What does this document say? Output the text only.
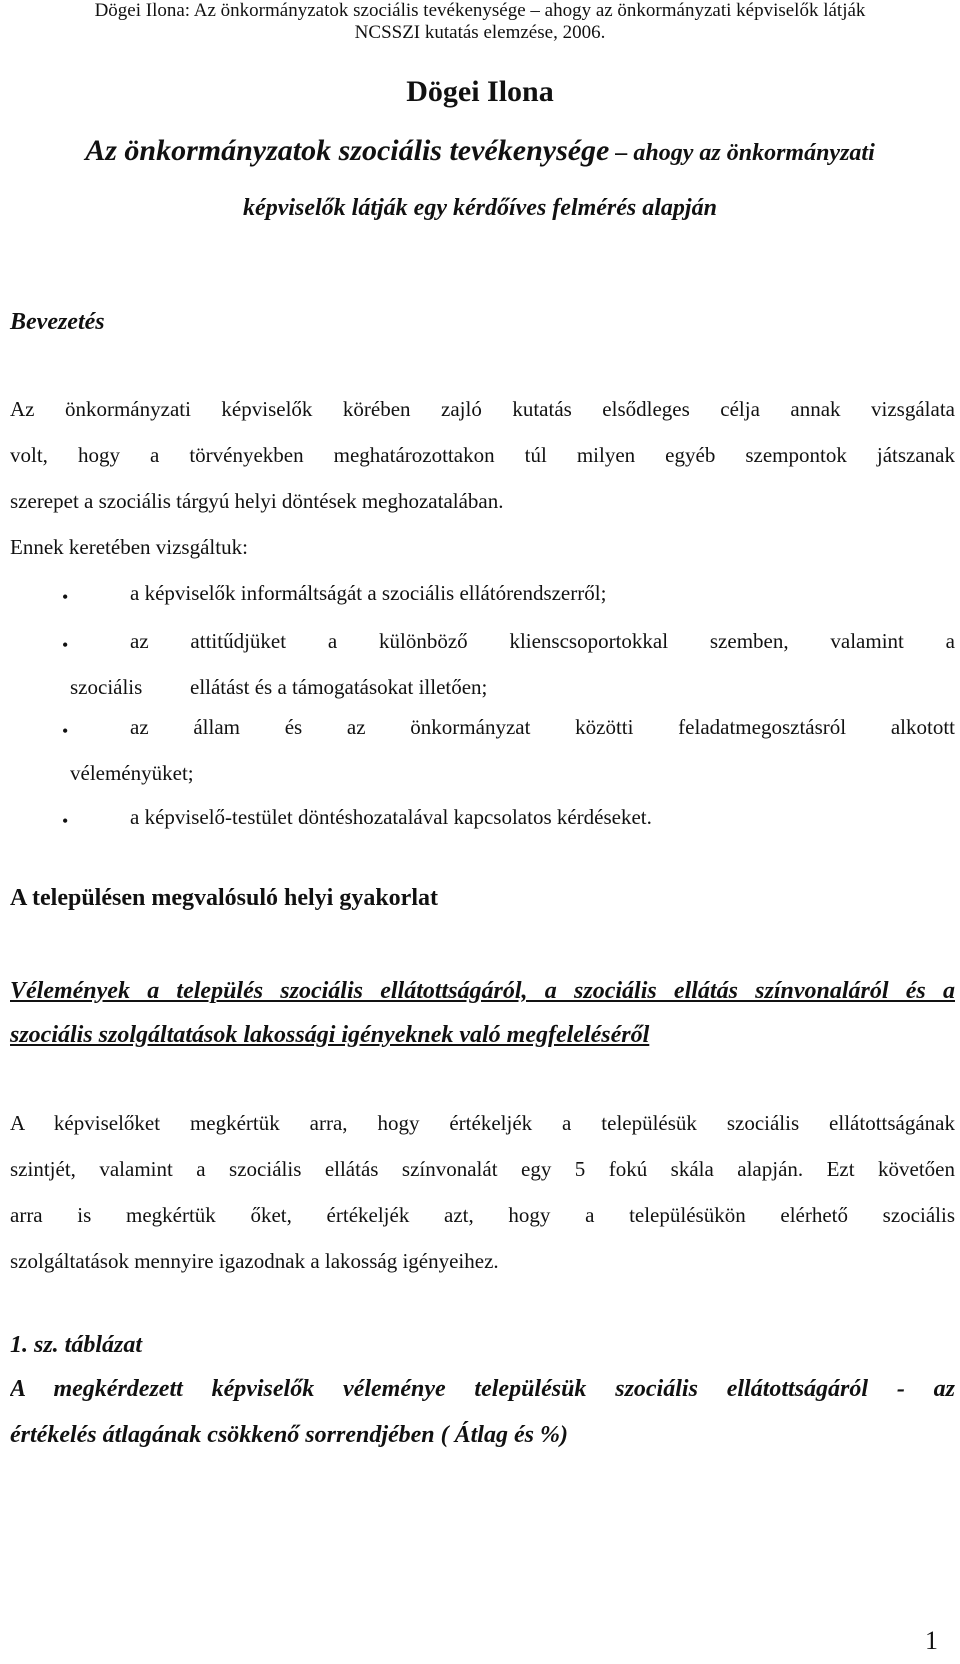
Dögei Ilona: Az önkormányzatok szociális tevékenysége – ahogy az önkormányzati képviselők látják
NCSSZI kutatás elemzése, 2006.
Dögei Ilona
Az önkormányzatok szociális tevékenysége – ahogy az önkormányzati
képviselők látják egy kérdőíves felmérés alapján
Bevezetés
Az önkormányzati képviselők körében zajló kutatás elsődleges célja annak vizsgálata
volt, hogy a törvényekben meghatározottakon túl milyen egyéb szempontok játszanak
szerepet a szociális tárgyú helyi döntések meghozatalában.
Ennek keretében vizsgáltuk:
•	a képviselők informáltságát a szociális ellátórendszerről;
•	az attitűdjüket a különböző klienscsoportokkal szemben, valamint a
szociális ellátást és a támogatásokat illetően;
•	az állam és az önkormányzat közötti feladatmegosztásról alkotott
véleményüket;
•	a képviselő-testület döntéshozatalával kapcsolatos kérdéseket.
A településen megvalósuló helyi gyakorlat
Vélemények a település szociális ellátottságáról, a szociális ellátás színvonaláról és a
szociális szolgáltatások lakossági igényeknek való megfeleléséről
A képviselőket megkértük arra, hogy értékeljék a településük szociális ellátottságának
szintjét, valamint a szociális ellátás színvonalát egy 5 fokú skála alapján. Ezt követően
arra is megkértük őket, értékeljék azt, hogy a településükön elérhető szociális
szolgáltatások mennyire igazodnak a lakosság igényeihez.
1. sz. táblázat
A megkérdezett képviselők véleménye településük szociális ellátottságáról - az
értékelés átlagának csökkenő sorrendjében ( Átlag és %)
1
